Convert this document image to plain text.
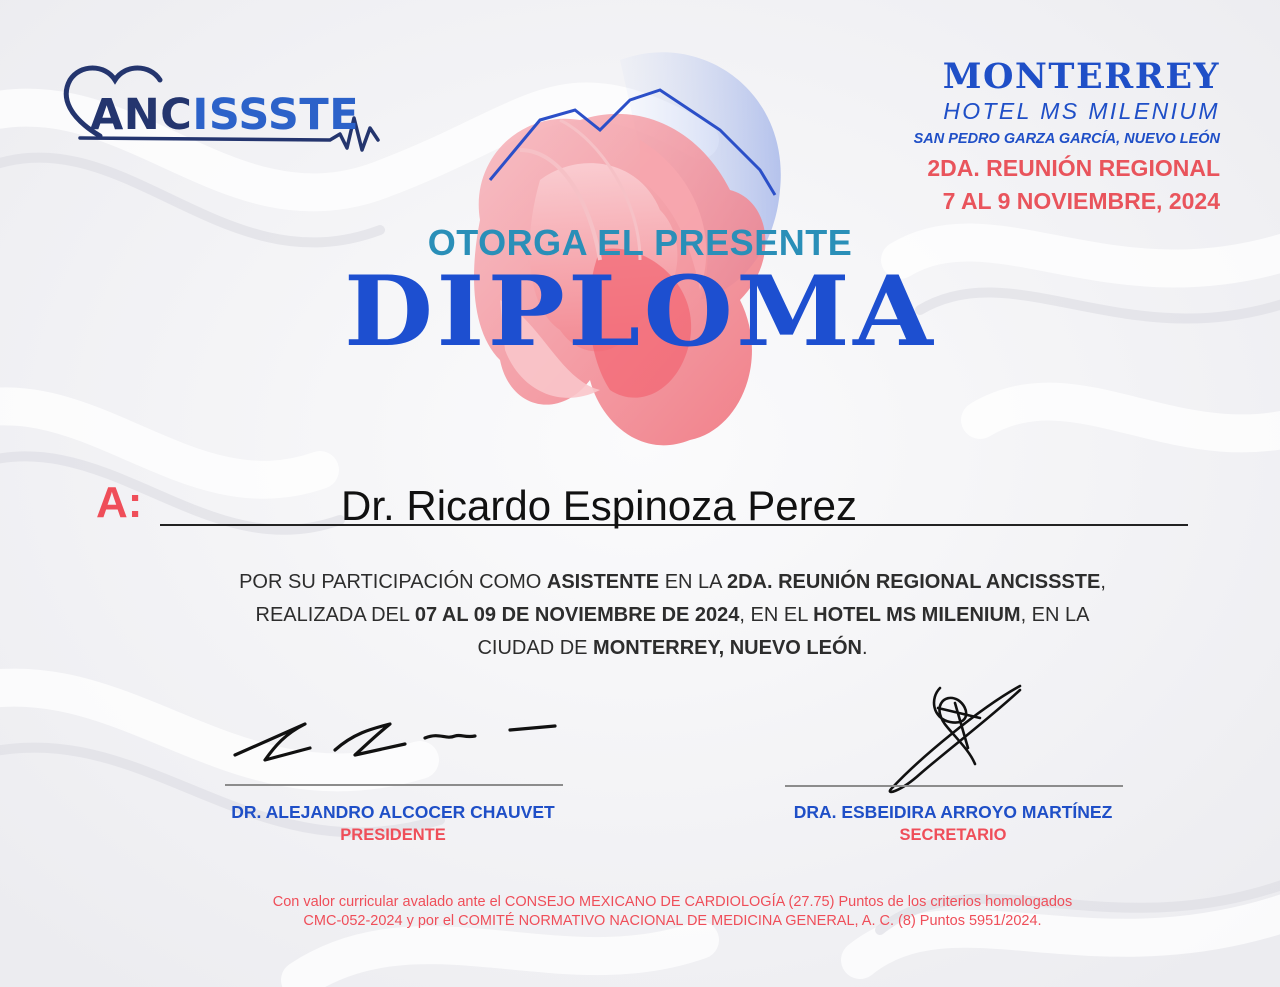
ANCISSSTE
MONTERREY
HOTEL MS MILENIUM
SAN PEDRO GARZA GARCÍA, NUEVO LEÓN
2DA. REUNIÓN REGIONAL
7 AL 9 NOVIEMBRE, 2024
OTORGA EL PRESENTE
DIPLOMA
A:	Dr. Ricardo Espinoza Perez
POR SU PARTICIPACIÓN COMO ASISTENTE EN LA 2DA. REUNIÓN REGIONAL ANCISSSTE,
REALIZADA DEL 07 AL 09 DE NOVIEMBRE DE 2024, EN EL HOTEL MS MILENIUM, EN LA
CIUDAD DE MONTERREY, NUEVO LEÓN.
DR. ALEJANDRO ALCOCER CHAUVET
PRESIDENTE
DRA. ESBEIDIRA ARROYO MARTÍNEZ
SECRETARIO
Con valor curricular avalado ante el CONSEJO MEXICANO DE CARDIOLOGÍA (27.75) Puntos de los criterios homologados
CMC-052-2024 y por el COMITÉ NORMATIVO NACIONAL DE MEDICINA GENERAL, A. C. (8) Puntos 5951/2024.
